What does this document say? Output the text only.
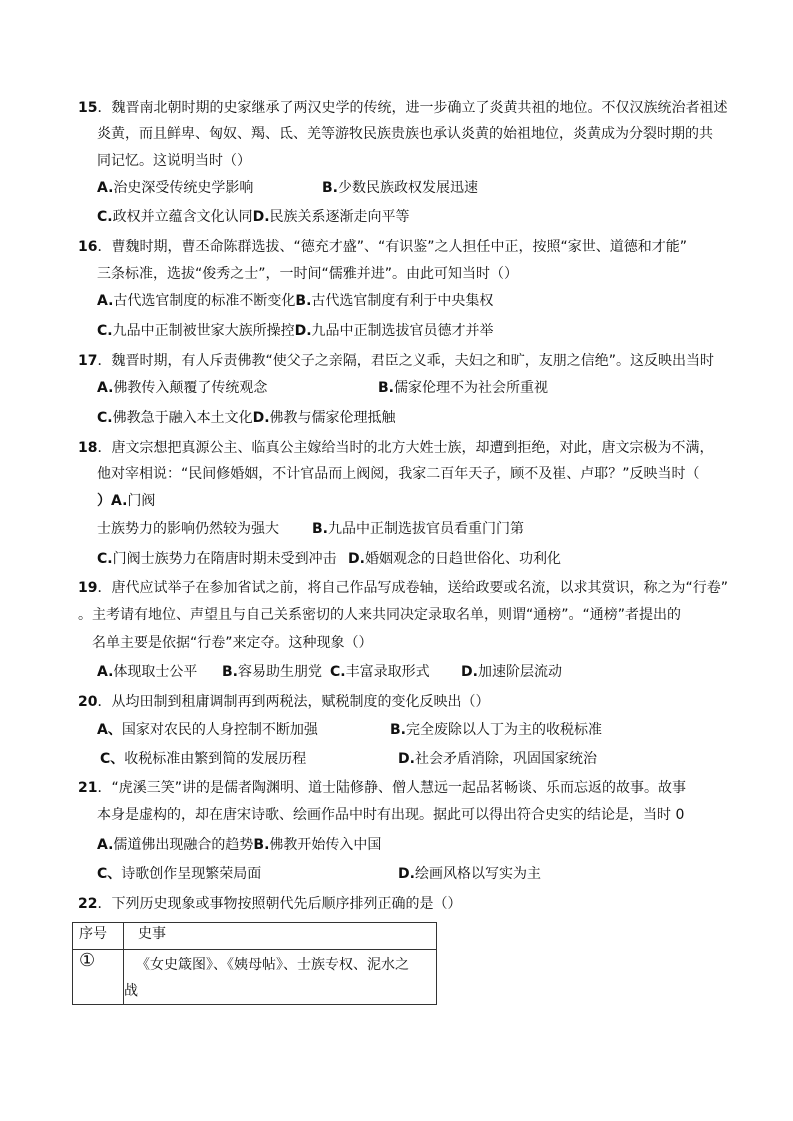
15．魏晋南北朝时期的史家继承了两汉史学的传统，进一步确立了炎黄共祖的地位。不仅汉族统治者祖述
炎黄，而且鲜卑、匈奴、羯、氐、羌等游牧民族贵族也承认炎黄的始祖地位，炎黄成为分裂时期的共
同记忆。这说明当时（）
A.治史深受传统史学影响	B.少数民族政权发展迅速
C.政权并立蕴含文化认同D.民族关系逐渐走向平等
16．曹魏时期，曹丕命陈群选拔、“德充才盛”、“有识鉴”之人担任中正，按照“家世、道德和才能”
三条标准，选拔“俊秀之士”，一时间“儒雅并进”。由此可知当时（）
A.古代选官制度的标准不断变化B.古代选官制度有利于中央集权
C.九品中正制被世家大族所操控D.九品中正制选拔官员德才并举
17．魏晋时期，有人斥责佛教“使父子之亲隔，君臣之义乖，夫妇之和旷，友朋之信绝”。这反映出当时
A.佛教传入颠覆了传统观念	B.儒家伦理不为社会所重视
C.佛教急于融入本土文化D.佛教与儒家伦理抵触
18．唐文宗想把真源公主、临真公主嫁给当时的北方大姓士族，却遭到拒绝，对此，唐文宗极为不满，
他对宰相说：“民间修婚姻，不计官品而上阀阅，我家二百年天子，顾不及崔、卢耶？”反映当时（
）A.门阀
士族势力的影响仍然较为强大 B.九品中正制选拔官员看重门门第
C.门阀士族势力在隋唐时期未受到冲击 D.婚姻观念的日趋世俗化、功利化
19．唐代应试举子在参加省试之前，将自己作品写成卷轴，送给政要或名流，以求其赏识，称之为“行卷”
。主考请有地位、声望且与自己关系密切的人来共同决定录取名单，则谓“通榜”。“通榜”者提出的
名单主要是依据“行卷”来定夺。这种现象（）
A.体现取士公平 B.容易助生朋党 C.丰富录取形式 D.加速阶层流动
20．从均田制到租庸调制再到两税法，赋税制度的变化反映出（）
A、国家对农民的人身控制不断加强	B.完全废除以人丁为主的收税标准
C、收税标准由繁到简的发展历程	D.社会矛盾消除，巩固国家统治
21．“虎溪三笑”讲的是儒者陶渊明、道士陆修静、僧人慧远一起品茗畅谈、乐而忘返的故事。故事
本身是虚构的，却在唐宋诗歌、绘画作品中时有出现。据此可以得出符合史实的结论是，当时 0
A.儒道佛出现融合的趋势B.佛教开始传入中国
C、诗歌创作呈现繁荣局面	D.绘画风格以写实为主
22．下列历史现象或事物按照朝代先后顺序排列正确的是（）
序号	史事
①	《女史箴图》、《姨母帖》、士族专权、泥水之
战
